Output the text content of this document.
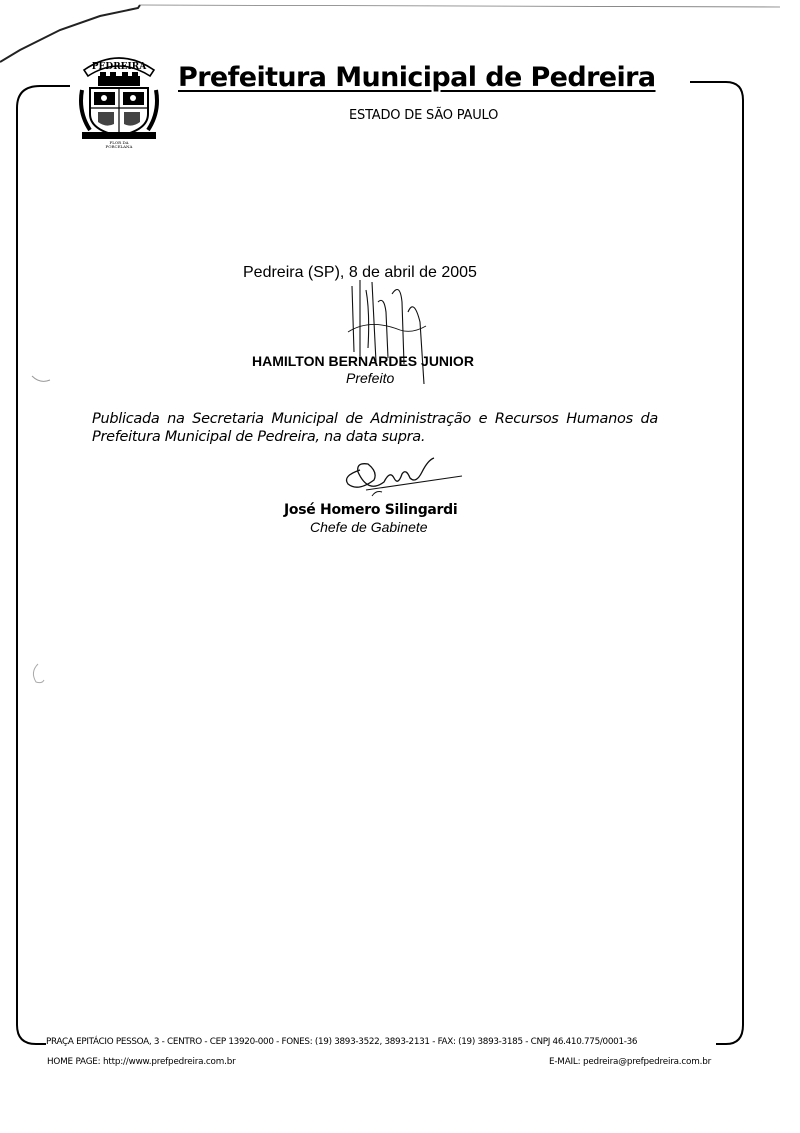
PEDREIRA
FLOR DA
PORCELANA
Prefeitura Municipal de Pedreira
ESTADO DE SÃO PAULO
Pedreira (SP), 8 de abril de 2005
HAMILTON BERNARDES JUNIOR
Prefeito
Publicada na Secretaria Municipal de Administração e Recursos Humanos da Prefeitura Municipal de Pedreira, na data supra.
José Homero Silingardi
Chefe de Gabinete
PRAÇA EPITÁCIO PESSOA, 3 - CENTRO - CEP 13920-000 - FONES: (19) 3893-3522, 3893-2131 - FAX: (19) 3893-3185 - CNPJ 46.410.775/0001-36
HOME PAGE: http://www.prefpedreira.com.br	E-MAIL: pedreira@prefpedreira.com.br
